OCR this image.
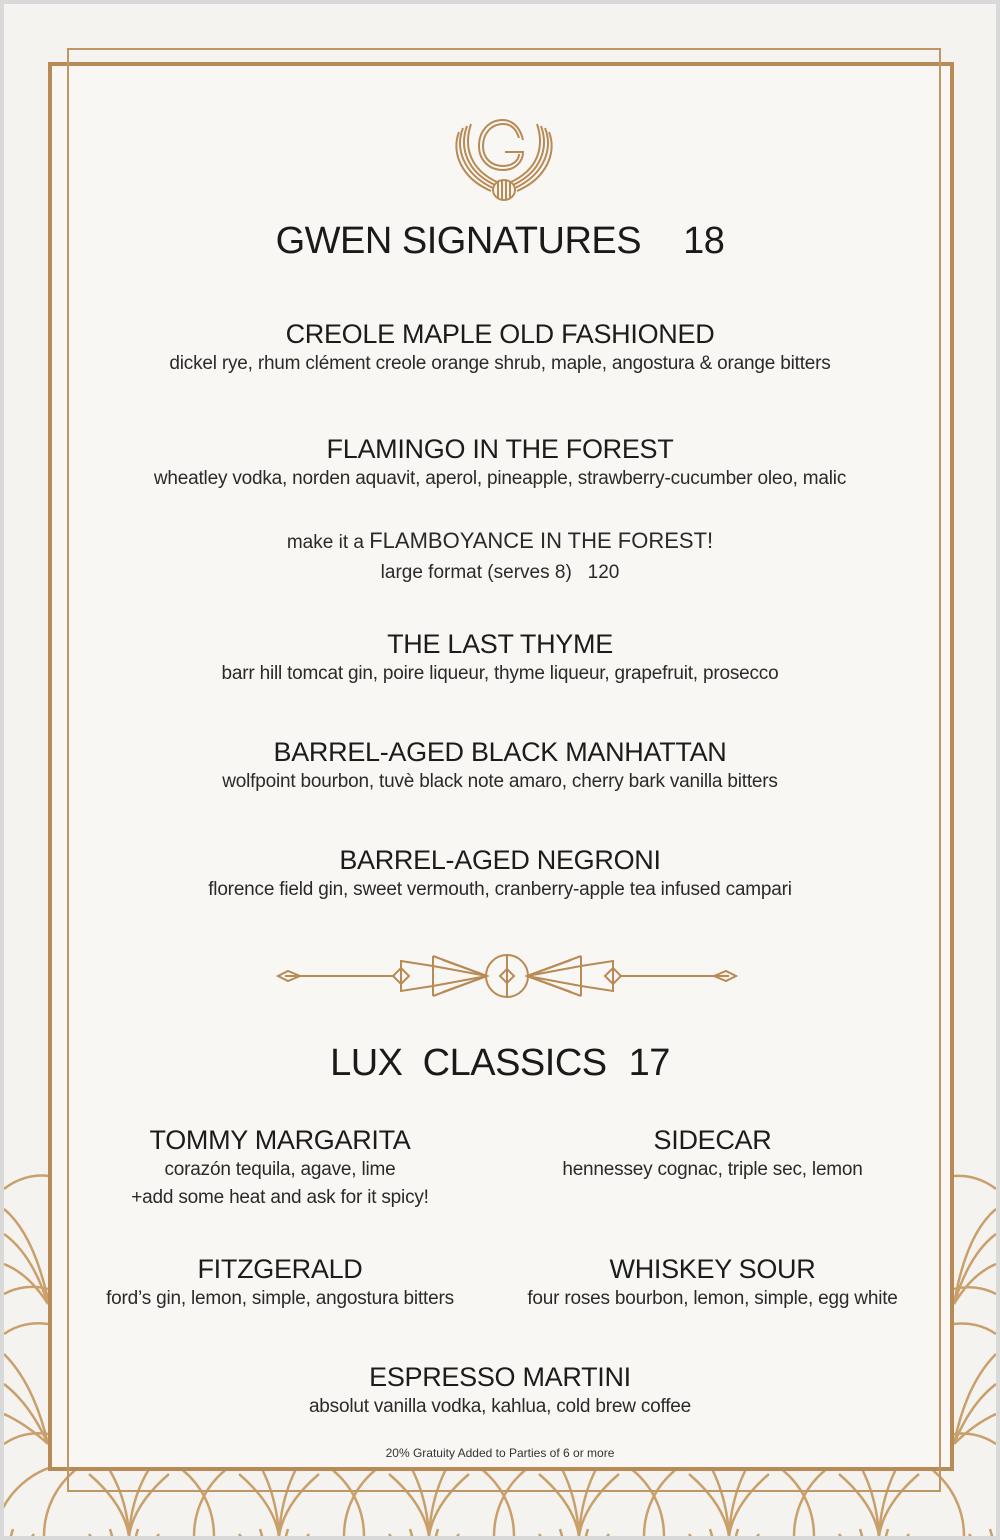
GWEN SIGNATURES 18
CREOLE MAPLE OLD FASHIONED
dickel rye, rhum clément creole orange shrub, maple, angostura & orange bitters
FLAMINGO IN THE FOREST
wheatley vodka, norden aquavit, aperol, pineapple, strawberry-cucumber oleo, malic
make it a FLAMBOYANCE IN THE FOREST!
large format (serves 8) 120
THE LAST THYME
barr hill tomcat gin, poire liqueur, thyme liqueur, grapefruit, prosecco
BARREL-AGED BLACK MANHATTAN
wolfpoint bourbon, tuvè black note amaro, cherry bark vanilla bitters
BARREL-AGED NEGRONI
florence field gin, sweet vermouth, cranberry-apple tea infused campari
LUX  CLASSICS 17
TOMMY MARGARITA
corazón tequila, agave, lime
+add some heat and ask for it spicy!
SIDECAR
hennessey cognac, triple sec, lemon
FITZGERALD
ford’s gin, lemon, simple, angostura bitters
WHISKEY SOUR
four roses bourbon, lemon, simple, egg white
ESPRESSO MARTINI
absolut vanilla vodka, kahlua, cold brew coffee
20% Gratuity Added to Parties of 6 or more
